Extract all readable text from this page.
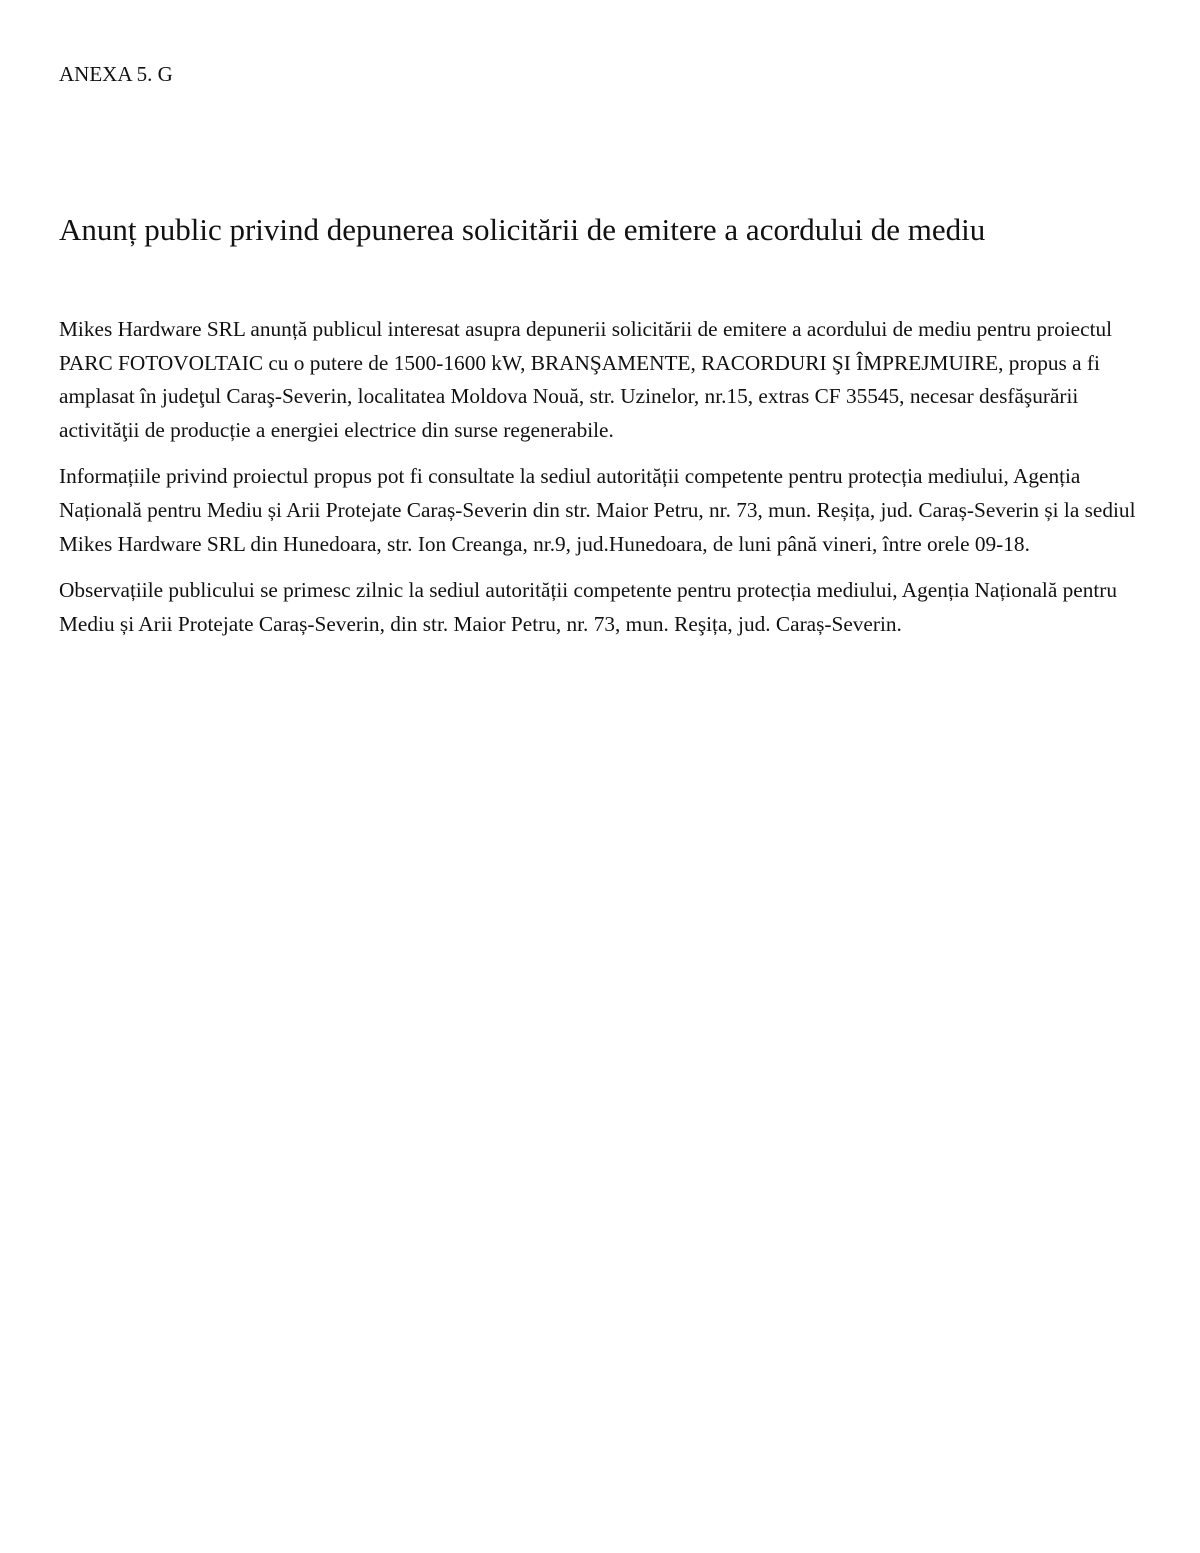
ANEXA 5. G

Anunț public privind depunerea solicitării de emitere a acordului de mediu

Mikes Hardware SRL anunță publicul interesat asupra depunerii solicitării de emitere a acordului de mediu pentru proiectul PARC FOTOVOLTAIC cu o putere de 1500-1600 kW, BRANŞAMENTE, RACORDURI ŞI ÎMPREJMUIRE, propus a fi amplasat în judeţul Caraş-Severin, localitatea Moldova Nouă, str. Uzinelor, nr.15, extras CF 35545, necesar desfăşurării activităţii de producție a energiei electrice din surse regenerabile.

Informațiile privind proiectul propus pot fi consultate la sediul autorității competente pentru protecția mediului, Agenția Națională pentru Mediu și Arii Protejate Caraș-Severin din str. Maior Petru, nr. 73, mun. Reșița, jud. Caraș-Severin și la sediul Mikes Hardware SRL din Hunedoara, str. Ion Creanga, nr.9, jud.Hunedoara, de luni până vineri, între orele 09-18.

Observațiile publicului se primesc zilnic la sediul autorității competente pentru protecția mediului, Agenția Națională pentru Mediu și Arii Protejate Caraș-Severin, din str. Maior Petru, nr. 73, mun. Reşița, jud. Caraș-Severin.
